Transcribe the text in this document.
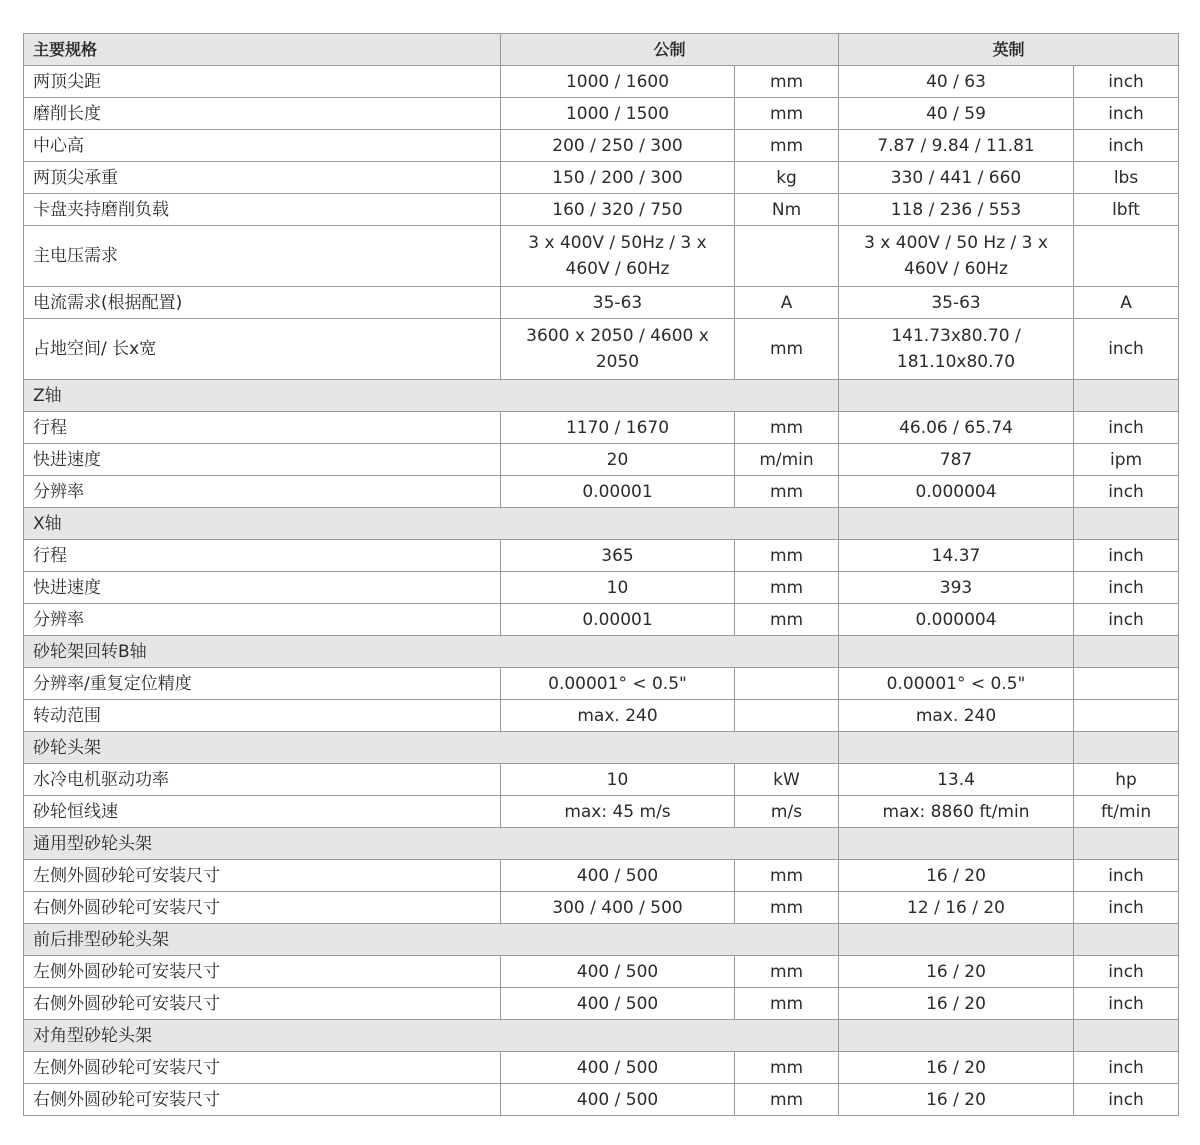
主要规格	公制		英制	
两顶尖距	1000 / 1600	mm	40 / 63	inch
磨削长度	1000 / 1500	mm	40 / 59	inch
中心高	200 / 250 / 300	mm	7.87 / 9.84 / 11.81	inch
两顶尖承重	150 / 200 / 300	kg	330 / 441 / 660	lbs
卡盘夹持磨削负载	160 / 320 / 750	Nm	118 / 236 / 553	lbft
主电压需求	3 x 400V / 50Hz / 3 x 460V / 60Hz		3 x 400V / 50 Hz / 3 x 460V / 60Hz	
电流需求(根据配置)	35-63	A	35-63	A
占地空间/ 长x宽	3600 x 2050 / 4600 x 2050	mm	141.73x80.70 / 181.10x80.70	inch
Z轴				
行程	1170 / 1670	mm	46.06 / 65.74	inch
快进速度	20	m/min	787	ipm
分辨率	0.00001	mm	0.000004	inch
X轴				
行程	365	mm	14.37	inch
快进速度	10	mm	393	inch
分辨率	0.00001	mm	0.000004	inch
砂轮架回转B轴				
分辨率/重复定位精度	0.00001° < 0.5"		0.00001° < 0.5"	
转动范围	max. 240		max. 240	
砂轮头架				
水冷电机驱动功率	10	kW	13.4	hp
砂轮恒线速	max: 45 m/s	m/s	max: 8860 ft/min	ft/min
通用型砂轮头架				
左侧外圆砂轮可安装尺寸	400 / 500	mm	16 / 20	inch
右侧外圆砂轮可安装尺寸	300 / 400 / 500	mm	12 / 16 / 20	inch
前后排型砂轮头架				
左侧外圆砂轮可安装尺寸	400 / 500	mm	16 / 20	inch
右侧外圆砂轮可安装尺寸	400 / 500	mm	16 / 20	inch
对角型砂轮头架				
左侧外圆砂轮可安装尺寸	400 / 500	mm	16 / 20	inch
右侧外圆砂轮可安装尺寸	400 / 500	mm	16 / 20	inch
